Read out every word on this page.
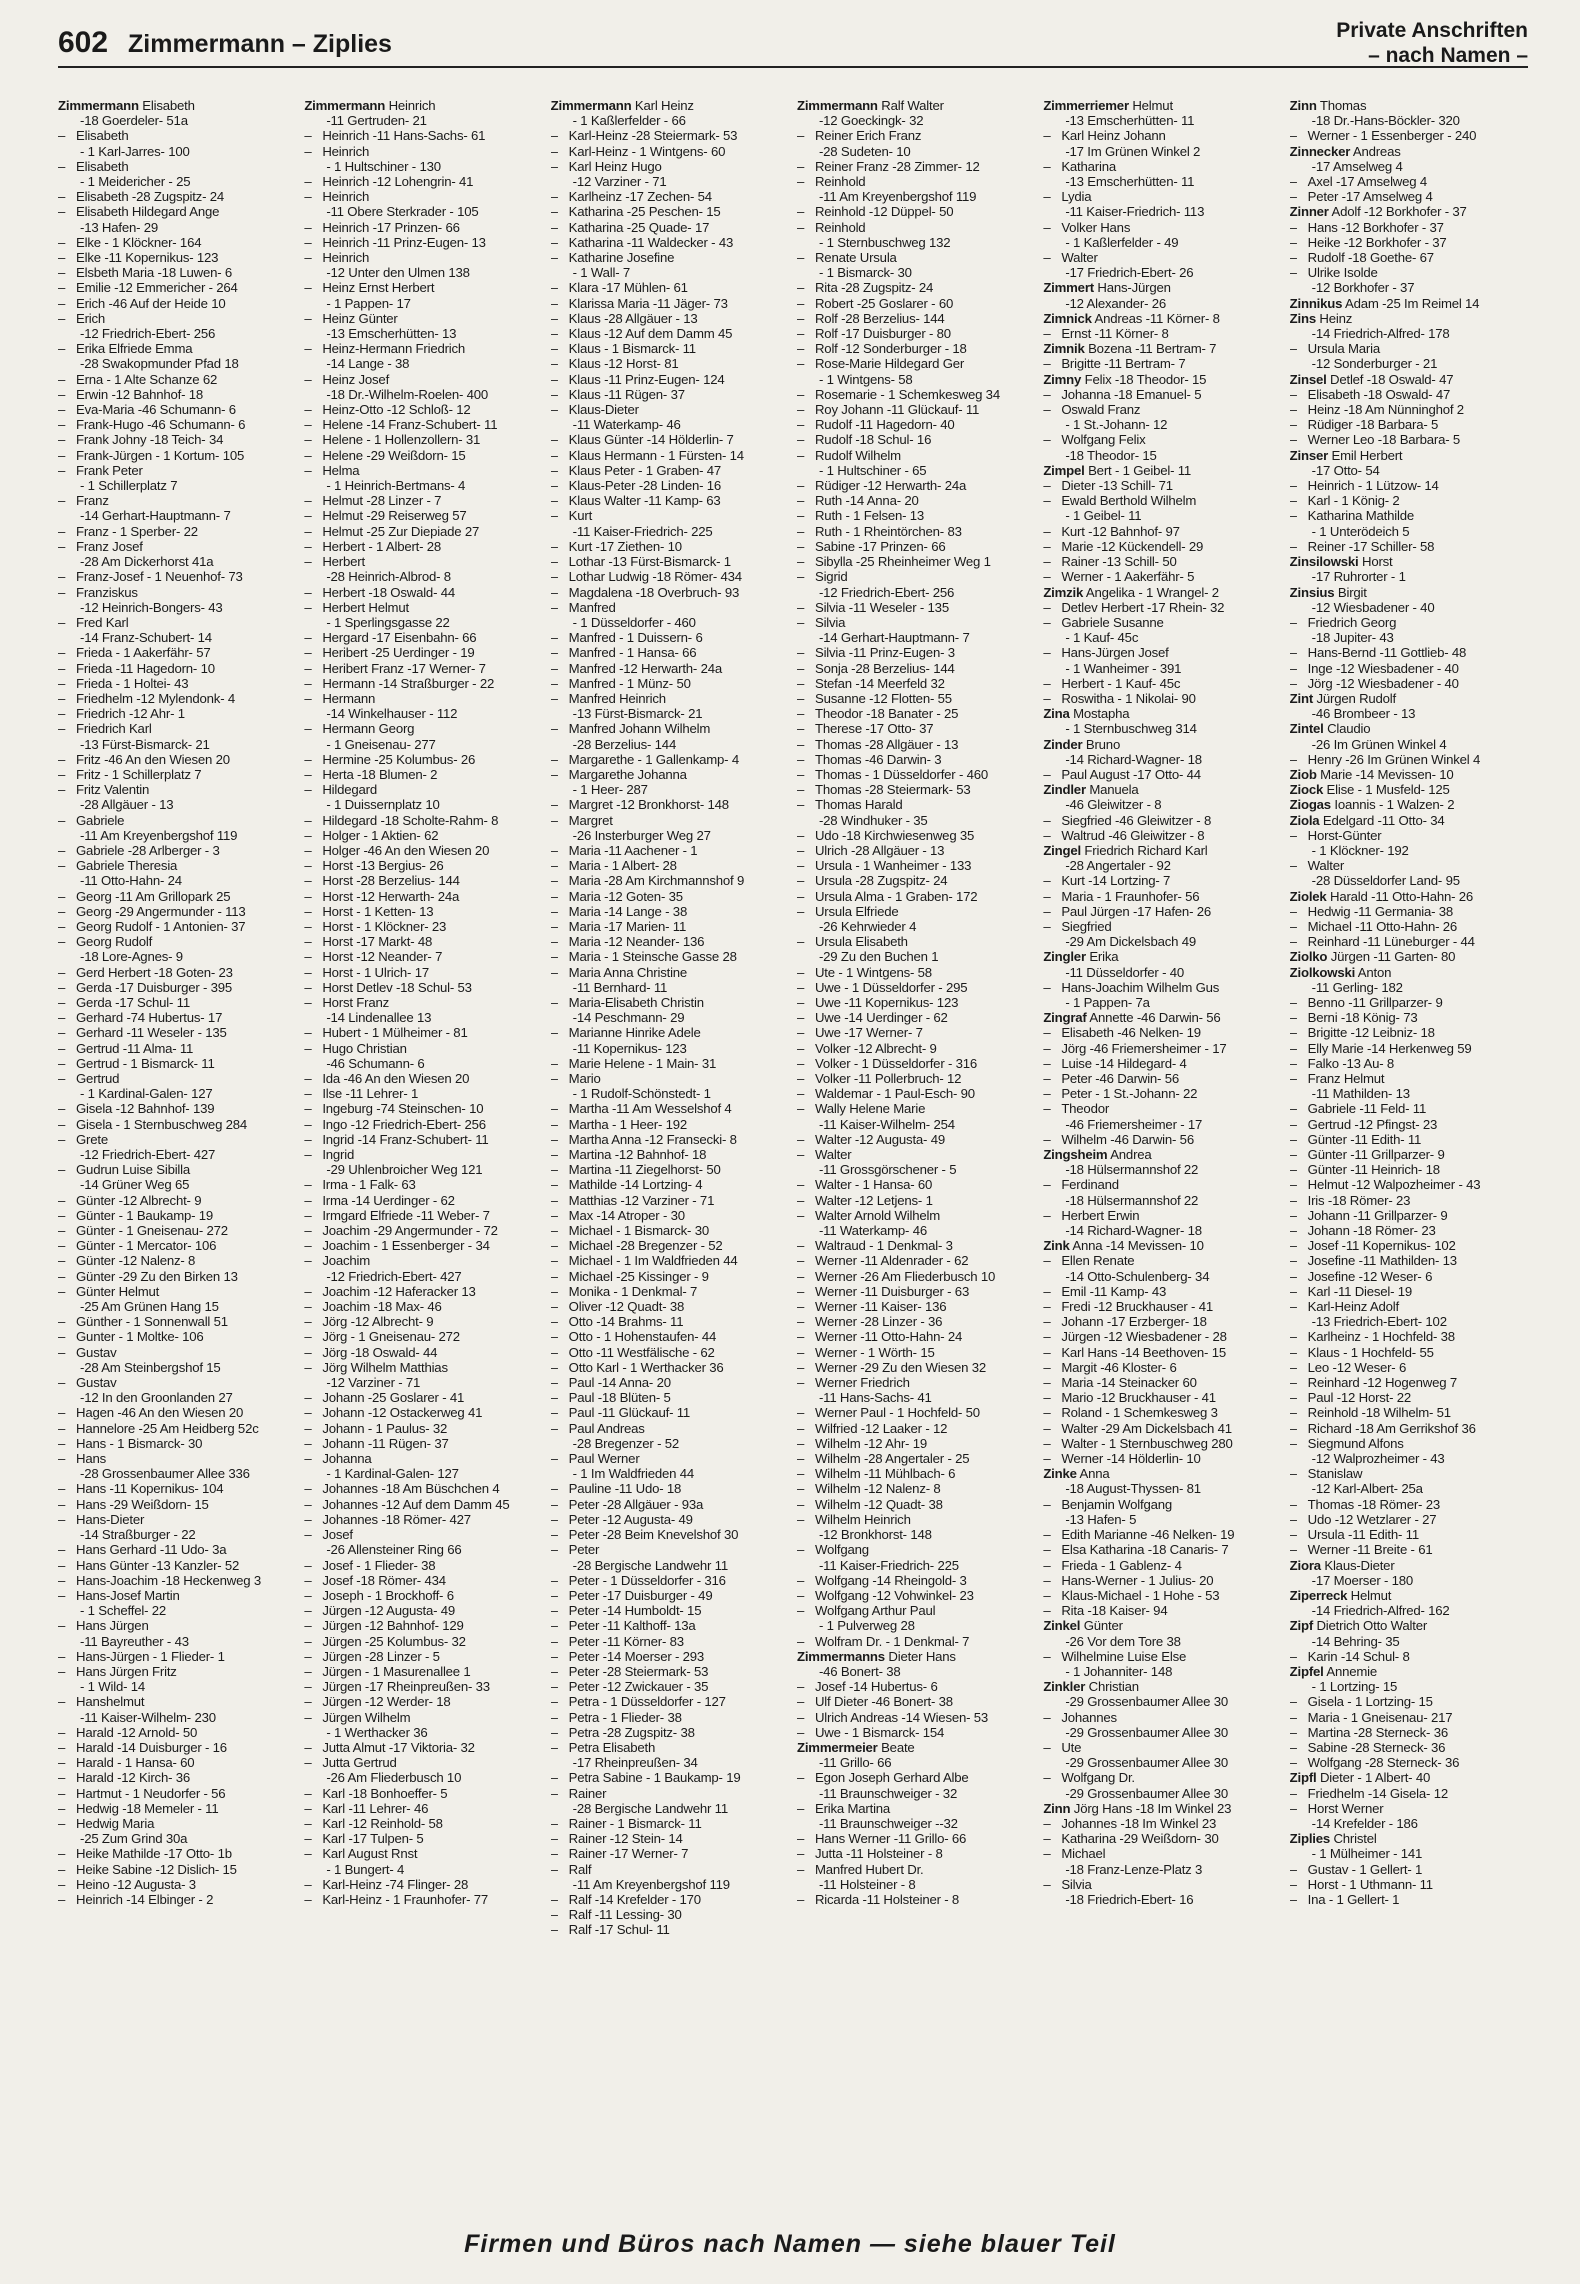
602 Zimmermann – Ziplies	Private Anschriften
– nach Namen –
Zimmermann Elisabeth
-18 Goerdeler- 51a
– Elisabeth
- 1 Karl-Jarres- 100
– Elisabeth
- 1 Meidericher - 25
– Elisabeth -28 Zugspitz- 24
– Elisabeth Hildegard Ange
-13 Hafen- 29
– Elke - 1 Klöckner- 164
– Elke -11 Kopernikus- 123
– Elsbeth Maria -18 Luwen- 6
– Emilie -12 Emmericher - 264
– Erich -46 Auf der Heide 10
– Erich
-12 Friedrich-Ebert- 256
– Erika Elfriede Emma
-28 Swakopmunder Pfad 18
– Erna - 1 Alte Schanze 62
– Erwin -12 Bahnhof- 18
– Eva-Maria -46 Schumann- 6
– Frank-Hugo -46 Schumann- 6
– Frank Johny -18 Teich- 34
– Frank-Jürgen - 1 Kortum- 105
– Frank Peter
- 1 Schillerplatz 7
– Franz
-14 Gerhart-Hauptmann- 7
– Franz - 1 Sperber- 22
– Franz Josef
-28 Am Dickerhorst 41a
– Franz-Josef - 1 Neuenhof- 73
– Franziskus
-12 Heinrich-Bongers- 43
– Fred Karl
-14 Franz-Schubert- 14
– Frieda - 1 Aakerfähr- 57
– Frieda -11 Hagedorn- 10
– Frieda - 1 Holtei- 43
– Friedhelm -12 Mylendonk- 4
– Friedrich -12 Ahr- 1
– Friedrich Karl
-13 Fürst-Bismarck- 21
– Fritz -46 An den Wiesen 20
– Fritz - 1 Schillerplatz 7
– Fritz Valentin
-28 Allgäuer - 13
– Gabriele
-11 Am Kreyenbergshof 119
– Gabriele -28 Arlberger - 3
– Gabriele Theresia
-11 Otto-Hahn- 24
– Georg -11 Am Grillopark 25
– Georg -29 Angermunder - 113
– Georg Rudolf - 1 Antonien- 37
– Georg Rudolf
-18 Lore-Agnes- 9
– Gerd Herbert -18 Goten- 23
– Gerda -17 Duisburger - 395
– Gerda -17 Schul- 11
– Gerhard -74 Hubertus- 17
– Gerhard -11 Weseler - 135
– Gertrud -11 Alma- 11
– Gertrud - 1 Bismarck- 11
– Gertrud
- 1 Kardinal-Galen- 127
– Gisela -12 Bahnhof- 139
– Gisela - 1 Sternbuschweg 284
– Grete
-12 Friedrich-Ebert- 427
– Gudrun Luise Sibilla
-14 Grüner Weg 65
– Günter -12 Albrecht- 9
– Günter - 1 Baukamp- 19
– Günter - 1 Gneisenau- 272
– Günter - 1 Mercator- 106
– Günter -12 Nalenz- 8
– Günter -29 Zu den Birken 13
– Günter Helmut
-25 Am Grünen Hang 15
– Günther - 1 Sonnenwall 51
– Gunter - 1 Moltke- 106
– Gustav
-28 Am Steinbergshof 15
– Gustav
-12 In den Groonlanden 27
– Hagen -46 An den Wiesen 20
– Hannelore -25 Am Heidberg 52c
– Hans - 1 Bismarck- 30
– Hans
-28 Grossenbaumer Allee 336
– Hans -11 Kopernikus- 104
– Hans -29 Weißdorn- 15
– Hans-Dieter
-14 Straßburger - 22
– Hans Gerhard -11 Udo- 3a
– Hans Günter -13 Kanzler- 52
– Hans-Joachim -18 Heckenweg 3
– Hans-Josef Martin
- 1 Scheffel- 22
– Hans Jürgen
-11 Bayreuther - 43
– Hans-Jürgen - 1 Flieder- 1
– Hans Jürgen Fritz
- 1 Wild- 14
– Hanshelmut
-11 Kaiser-Wilhelm- 230
– Harald -12 Arnold- 50
– Harald -14 Duisburger - 16
– Harald - 1 Hansa- 60
– Harald -12 Kirch- 36
– Hartmut - 1 Neudorfer - 56
– Hedwig -18 Memeler - 11
– Hedwig Maria
-25 Zum Grind 30a
– Heike Mathilde -17 Otto- 1b
– Heike Sabine -12 Dislich- 15
– Heino -12 Augusta- 3
– Heinrich -14 Elbinger - 2
Zimmermann Heinrich
-11 Gertruden- 21
– Heinrich -11 Hans-Sachs- 61
– Heinrich
- 1 Hultschiner - 130
– Heinrich -12 Lohengrin- 41
– Heinrich
-11 Obere Sterkrader - 105
– Heinrich -17 Prinzen- 66
– Heinrich -11 Prinz-Eugen- 13
– Heinrich
-12 Unter den Ulmen 138
– Heinz Ernst Herbert
- 1 Pappen- 17
– Heinz Günter
-13 Emscherhütten- 13
– Heinz-Hermann Friedrich
-14 Lange - 38
– Heinz Josef
-18 Dr.-Wilhelm-Roelen- 400
– Heinz-Otto -12 Schloß- 12
– Helene -14 Franz-Schubert- 11
– Helene - 1 Hollenzollern- 31
– Helene -29 Weißdorn- 15
– Helma
- 1 Heinrich-Bertmans- 4
– Helmut -28 Linzer - 7
– Helmut -29 Reiserweg 57
– Helmut -25 Zur Diepiade 27
– Herbert - 1 Albert- 28
– Herbert
-28 Heinrich-Albrod- 8
– Herbert -18 Oswald- 44
– Herbert Helmut
- 1 Sperlingsgasse 22
– Hergard -17 Eisenbahn- 66
– Heribert -25 Uerdinger - 19
– Heribert Franz -17 Werner- 7
– Hermann -14 Straßburger - 22
– Hermann
-14 Winkelhauser - 112
– Hermann Georg
- 1 Gneisenau- 277
– Hermine -25 Kolumbus- 26
– Herta -18 Blumen- 2
– Hildegard
- 1 Duissernplatz 10
– Hildegard -18 Scholte-Rahm- 8
– Holger - 1 Aktien- 62
– Holger -46 An den Wiesen 20
– Horst -13 Bergius- 26
– Horst -28 Berzelius- 144
– Horst -12 Herwarth- 24a
– Horst - 1 Ketten- 13
– Horst - 1 Klöckner- 23
– Horst -17 Markt- 48
– Horst -12 Neander- 7
– Horst - 1 Ulrich- 17
– Horst Detlev -18 Schul- 53
– Horst Franz
-14 Lindenallee 13
– Hubert - 1 Mülheimer - 81
– Hugo Christian
-46 Schumann- 6
– Ida -46 An den Wiesen 20
– Ilse -11 Lehrer- 1
– Ingeburg -74 Steinschen- 10
– Ingo -12 Friedrich-Ebert- 256
– Ingrid -14 Franz-Schubert- 11
– Ingrid
-29 Uhlenbroicher Weg 121
– Irma - 1 Falk- 63
– Irma -14 Uerdinger - 62
– Irmgard Elfriede -11 Weber- 7
– Joachim -29 Angermunder - 72
– Joachim - 1 Essenberger - 34
– Joachim
-12 Friedrich-Ebert- 427
– Joachim -12 Haferacker 13
– Joachim -18 Max- 46
– Jörg -12 Albrecht- 9
– Jörg - 1 Gneisenau- 272
– Jörg -18 Oswald- 44
– Jörg Wilhelm Matthias
-12 Varziner - 71
– Johann -25 Goslarer - 41
– Johann -12 Ostackerweg 41
– Johann - 1 Paulus- 32
– Johann -11 Rügen- 37
– Johanna
- 1 Kardinal-Galen- 127
– Johannes -18 Am Büschchen 4
– Johannes -12 Auf dem Damm 45
– Johannes -18 Römer- 427
– Josef
-26 Allensteiner Ring 66
– Josef - 1 Flieder- 38
– Josef -18 Römer- 434
– Joseph - 1 Brockhoff- 6
– Jürgen -12 Augusta- 49
– Jürgen -12 Bahnhof- 129
– Jürgen -25 Kolumbus- 32
– Jürgen -28 Linzer - 5
– Jürgen - 1 Masurenallee 1
– Jürgen -17 Rheinpreußen- 33
– Jürgen -12 Werder- 18
– Jürgen Wilhelm
- 1 Werthacker 36
– Jutta Almut -17 Viktoria- 32
– Jutta Gertrud
-26 Am Fliederbusch 10
– Karl -18 Bonhoeffer- 5
– Karl -11 Lehrer- 46
– Karl -12 Reinhold- 58
– Karl -17 Tulpen- 5
– Karl August Rnst
- 1 Bungert- 4
– Karl-Heinz -74 Flinger- 28
– Karl-Heinz - 1 Fraunhofer- 77
Zimmermann Karl Heinz
- 1 Kaßlerfelder - 66
– Karl-Heinz -28 Steiermark- 53
– Karl-Heinz - 1 Wintgens- 60
– Karl Heinz Hugo
-12 Varziner - 71
– Karlheinz -17 Zechen- 54
– Katharina -25 Peschen- 15
– Katharina -25 Quade- 17
– Katharina -11 Waldecker - 43
– Katharine Josefine
- 1 Wall- 7
– Klara -17 Mühlen- 61
– Klarissa Maria -11 Jäger- 73
– Klaus -28 Allgäuer - 13
– Klaus -12 Auf dem Damm 45
– Klaus - 1 Bismarck- 11
– Klaus -12 Horst- 81
– Klaus -11 Prinz-Eugen- 124
– Klaus -11 Rügen- 37
– Klaus-Dieter
-11 Waterkamp- 46
– Klaus Günter -14 Hölderlin- 7
– Klaus Hermann - 1 Fürsten- 14
– Klaus Peter - 1 Graben- 47
– Klaus-Peter -28 Linden- 16
– Klaus Walter -11 Kamp- 63
– Kurt
-11 Kaiser-Friedrich- 225
– Kurt -17 Ziethen- 10
– Lothar -13 Fürst-Bismarck- 1
– Lothar Ludwig -18 Römer- 434
– Magdalena -18 Overbruch- 93
– Manfred
- 1 Düsseldorfer - 460
– Manfred - 1 Duissern- 6
– Manfred - 1 Hansa- 66
– Manfred -12 Herwarth- 24a
– Manfred - 1 Münz- 50
– Manfred Heinrich
-13 Fürst-Bismarck- 21
– Manfred Johann Wilhelm
-28 Berzelius- 144
– Margarethe - 1 Gallenkamp- 4
– Margarethe Johanna
- 1 Heer- 287
– Margret -12 Bronkhorst- 148
– Margret
-26 Insterburger Weg 27
– Maria -11 Aachener - 1
– Maria - 1 Albert- 28
– Maria -28 Am Kirchmannshof 9
– Maria -12 Goten- 35
– Maria -14 Lange - 38
– Maria -17 Marien- 11
– Maria -12 Neander- 136
– Maria - 1 Steinsche Gasse 28
– Maria Anna Christine
-11 Bernhard- 11
– Maria-Elisabeth Christin
-14 Peschmann- 29
– Marianne Hinrike Adele
-11 Kopernikus- 123
– Marie Helene - 1 Main- 31
– Mario
- 1 Rudolf-Schönstedt- 1
– Martha -11 Am Wesselshof 4
– Martha - 1 Heer- 192
– Martha Anna -12 Fransecki- 8
– Martina -12 Bahnhof- 18
– Martina -11 Ziegelhorst- 50
– Mathilde -14 Lortzing- 4
– Matthias -12 Varziner - 71
– Max -14 Atroper - 30
– Michael - 1 Bismarck- 30
– Michael -28 Bregenzer - 52
– Michael - 1 Im Waldfrieden 44
– Michael -25 Kissinger - 9
– Monika - 1 Denkmal- 7
– Oliver -12 Quadt- 38
– Otto -14 Brahms- 11
– Otto - 1 Hohenstaufen- 44
– Otto -11 Westfälische - 62
– Otto Karl - 1 Werthacker 36
– Paul -14 Anna- 20
– Paul -18 Blüten- 5
– Paul -11 Glückauf- 11
– Paul Andreas
-28 Bregenzer - 52
– Paul Werner
- 1 Im Waldfrieden 44
– Pauline -11 Udo- 18
– Peter -28 Allgäuer - 93a
– Peter -12 Augusta- 49
– Peter -28 Beim Knevelshof 30
– Peter
-28 Bergische Landwehr 11
– Peter - 1 Düsseldorfer - 316
– Peter -17 Duisburger - 49
– Peter -14 Humboldt- 15
– Peter -11 Kalthoff- 13a
– Peter -11 Körner- 83
– Peter -14 Moerser - 293
– Peter -28 Steiermark- 53
– Peter -12 Zwickauer - 35
– Petra - 1 Düsseldorfer - 127
– Petra - 1 Flieder- 38
– Petra -28 Zugspitz- 38
– Petra Elisabeth
-17 Rheinpreußen- 34
– Petra Sabine - 1 Baukamp- 19
– Rainer
-28 Bergische Landwehr 11
– Rainer - 1 Bismarck- 11
– Rainer -12 Stein- 14
– Rainer -17 Werner- 7
– Ralf
-11 Am Kreyenbergshof 119
– Ralf -14 Krefelder - 170
– Ralf -11 Lessing- 30
– Ralf -17 Schul- 11
Zimmermann Ralf Walter
-12 Goeckingk- 32
– Reiner Erich Franz
-28 Sudeten- 10
– Reiner Franz -28 Zimmer- 12
– Reinhold
-11 Am Kreyenbergshof 119
– Reinhold -12 Düppel- 50
– Reinhold
- 1 Sternbuschweg 132
– Renate Ursula
- 1 Bismarck- 30
– Rita -28 Zugspitz- 24
– Robert -25 Goslarer - 60
– Rolf -28 Berzelius- 144
– Rolf -17 Duisburger - 80
– Rolf -12 Sonderburger - 18
– Rose-Marie Hildegard Ger
- 1 Wintgens- 58
– Rosemarie - 1 Schemkesweg 34
– Roy Johann -11 Glückauf- 11
– Rudolf -11 Hagedorn- 40
– Rudolf -18 Schul- 16
– Rudolf Wilhelm
- 1 Hultschiner - 65
– Rüdiger -12 Herwarth- 24a
– Ruth -14 Anna- 20
– Ruth - 1 Felsen- 13
– Ruth - 1 Rheintörchen- 83
– Sabine -17 Prinzen- 66
– Sibylla -25 Rheinheimer Weg 1
– Sigrid
-12 Friedrich-Ebert- 256
– Silvia -11 Weseler - 135
– Silvia
-14 Gerhart-Hauptmann- 7
– Silvia -11 Prinz-Eugen- 3
– Sonja -28 Berzelius- 144
– Stefan -14 Meerfeld 32
– Susanne -12 Flotten- 55
– Theodor -18 Banater - 25
– Therese -17 Otto- 37
– Thomas -28 Allgäuer - 13
– Thomas -46 Darwin- 3
– Thomas - 1 Düsseldorfer - 460
– Thomas -28 Steiermark- 53
– Thomas Harald
-28 Windhuker - 35
– Udo -18 Kirchwiesenweg 35
– Ulrich -28 Allgäuer - 13
– Ursula - 1 Wanheimer - 133
– Ursula -28 Zugspitz- 24
– Ursula Alma - 1 Graben- 172
– Ursula Elfriede
-26 Kehrwieder 4
– Ursula Elisabeth
-29 Zu den Buchen 1
– Ute - 1 Wintgens- 58
– Uwe - 1 Düsseldorfer - 295
– Uwe -11 Kopernikus- 123
– Uwe -14 Uerdinger - 62
– Uwe -17 Werner- 7
– Volker -12 Albrecht- 9
– Volker - 1 Düsseldorfer - 316
– Volker -11 Pollerbruch- 12
– Waldemar - 1 Paul-Esch- 90
– Wally Helene Marie
-11 Kaiser-Wilhelm- 254
– Walter -12 Augusta- 49
– Walter
-11 Grossgörschener - 5
– Walter - 1 Hansa- 60
– Walter -12 Letjens- 1
– Walter Arnold Wilhelm
-11 Waterkamp- 46
– Waltraud - 1 Denkmal- 3
– Werner -11 Aldenrader - 62
– Werner -26 Am Fliederbusch 10
– Werner -11 Duisburger - 63
– Werner -11 Kaiser- 136
– Werner -28 Linzer - 36
– Werner -11 Otto-Hahn- 24
– Werner - 1 Wörth- 15
– Werner -29 Zu den Wiesen 32
– Werner Friedrich
-11 Hans-Sachs- 41
– Werner Paul - 1 Hochfeld- 50
– Wilfried -12 Laaker - 12
– Wilhelm -12 Ahr- 19
– Wilhelm -28 Angertaler - 25
– Wilhelm -11 Mühlbach- 6
– Wilhelm -12 Nalenz- 8
– Wilhelm -12 Quadt- 38
– Wilhelm Heinrich
-12 Bronkhorst- 148
– Wolfgang
-11 Kaiser-Friedrich- 225
– Wolfgang -14 Rheingold- 3
– Wolfgang -12 Vohwinkel- 23
– Wolfgang Arthur Paul
- 1 Pulverweg 28
– Wolfram Dr. - 1 Denkmal- 7
Zimmermanns Dieter Hans
-46 Bonert- 38
– Josef -14 Hubertus- 6
– Ulf Dieter -46 Bonert- 38
– Ulrich Andreas -14 Wiesen- 53
– Uwe - 1 Bismarck- 154
Zimmermeier Beate
-11 Grillo- 66
– Egon Joseph Gerhard Albe
-11 Braunschweiger - 32
– Erika Martina
-11 Braunschweiger --32
– Hans Werner -11 Grillo- 66
– Jutta -11 Holsteiner - 8
– Manfred Hubert Dr.
-11 Holsteiner - 8
– Ricarda -11 Holsteiner - 8
Zimmerriemer Helmut
-13 Emscherhütten- 11
– Karl Heinz Johann
-17 Im Grünen Winkel 2
– Katharina
-13 Emscherhütten- 11
– Lydia
-11 Kaiser-Friedrich- 113
– Volker Hans
- 1 Kaßlerfelder - 49
– Walter
-17 Friedrich-Ebert- 26
Zimmert Hans-Jürgen
-12 Alexander- 26
Zimnick Andreas -11 Körner- 8
– Ernst -11 Körner- 8
Zimnik Bozena -11 Bertram- 7
– Brigitte -11 Bertram- 7
Zimny Felix -18 Theodor- 15
– Johanna -18 Emanuel- 5
– Oswald Franz
- 1 St.-Johann- 12
– Wolfgang Felix
-18 Theodor- 15
Zimpel Bert - 1 Geibel- 11
– Dieter -13 Schill- 71
– Ewald Berthold Wilhelm
- 1 Geibel- 11
– Kurt -12 Bahnhof- 97
– Marie -12 Kückendell- 29
– Rainer -13 Schill- 50
– Werner - 1 Aakerfähr- 5
Zimzik Angelika - 1 Wrangel- 2
– Detlev Herbert -17 Rhein- 32
– Gabriele Susanne
- 1 Kauf- 45c
– Hans-Jürgen Josef
- 1 Wanheimer - 391
– Herbert - 1 Kauf- 45c
– Roswitha - 1 Nikolai- 90
Zina Mostapha
- 1 Sternbuschweg 314
Zinder Bruno
-14 Richard-Wagner- 18
– Paul August -17 Otto- 44
Zindler Manuela
-46 Gleiwitzer - 8
– Siegfried -46 Gleiwitzer - 8
– Waltrud -46 Gleiwitzer - 8
Zingel Friedrich Richard Karl
-28 Angertaler - 92
– Kurt -14 Lortzing- 7
– Maria - 1 Fraunhofer- 56
– Paul Jürgen -17 Hafen- 26
– Siegfried
-29 Am Dickelsbach 49
Zingler Erika
-11 Düsseldorfer - 40
– Hans-Joachim Wilhelm Gus
- 1 Pappen- 7a
Zingraf Annette -46 Darwin- 56
– Elisabeth -46 Nelken- 19
– Jörg -46 Friemersheimer - 17
– Luise -14 Hildegard- 4
– Peter -46 Darwin- 56
– Peter - 1 St.-Johann- 22
– Theodor
-46 Friemersheimer - 17
– Wilhelm -46 Darwin- 56
Zingsheim Andrea
-18 Hülsermannshof 22
– Ferdinand
-18 Hülsermannshof 22
– Herbert Erwin
-14 Richard-Wagner- 18
Zink Anna -14 Mevissen- 10
– Ellen Renate
-14 Otto-Schulenberg- 34
– Emil -11 Kamp- 43
– Fredi -12 Bruckhauser - 41
– Johann -17 Erzberger- 18
– Jürgen -12 Wiesbadener - 28
– Karl Hans -14 Beethoven- 15
– Margit -46 Kloster- 6
– Maria -14 Steinacker 60
– Mario -12 Bruckhauser - 41
– Roland - 1 Schemkesweg 3
– Walter -29 Am Dickelsbach 41
– Walter - 1 Sternbuschweg 280
– Werner -14 Hölderlin- 10
Zinke Anna
-18 August-Thyssen- 81
– Benjamin Wolfgang
-13 Hafen- 5
– Edith Marianne -46 Nelken- 19
– Elsa Katharina -18 Canaris- 7
– Frieda - 1 Gablenz- 4
– Hans-Werner - 1 Julius- 20
– Klaus-Michael - 1 Hohe - 53
– Rita -18 Kaiser- 94
Zinkel Günter
-26 Vor dem Tore 38
– Wilhelmine Luise Else
- 1 Johanniter- 148
Zinkler Christian
-29 Grossenbaumer Allee 30
– Johannes
-29 Grossenbaumer Allee 30
– Ute
-29 Grossenbaumer Allee 30
– Wolfgang Dr.
-29 Grossenbaumer Allee 30
Zinn Jörg Hans -18 Im Winkel 23
– Johannes -18 Im Winkel 23
– Katharina -29 Weißdorn- 30
– Michael
-18 Franz-Lenze-Platz 3
– Silvia
-18 Friedrich-Ebert- 16
Zinn Thomas
-18 Dr.-Hans-Böckler- 320
– Werner - 1 Essenberger - 240
Zinnecker Andreas
-17 Amselweg 4
– Axel -17 Amselweg 4
– Peter -17 Amselweg 4
Zinner Adolf -12 Borkhofer - 37
– Hans -12 Borkhofer - 37
– Heike -12 Borkhofer - 37
– Rudolf -18 Goethe- 67
– Ulrike Isolde
-12 Borkhofer - 37
Zinnikus Adam -25 Im Reimel 14
Zins Heinz
-14 Friedrich-Alfred- 178
– Ursula Maria
-12 Sonderburger - 21
Zinsel Detlef -18 Oswald- 47
– Elisabeth -18 Oswald- 47
– Heinz -18 Am Nünninghof 2
– Rüdiger -18 Barbara- 5
– Werner Leo -18 Barbara- 5
Zinser Emil Herbert
-17 Otto- 54
– Heinrich - 1 Lützow- 14
– Karl - 1 König- 2
– Katharina Mathilde
- 1 Unterödeich 5
– Reiner -17 Schiller- 58
Zinsilowski Horst
-17 Ruhrorter - 1
Zinsius Birgit
-12 Wiesbadener - 40
– Friedrich Georg
-18 Jupiter- 43
– Hans-Bernd -11 Gottlieb- 48
– Inge -12 Wiesbadener - 40
– Jörg -12 Wiesbadener - 40
Zint Jürgen Rudolf
-46 Brombeer - 13
Zintel Claudio
-26 Im Grünen Winkel 4
– Henry -26 Im Grünen Winkel 4
Ziob Marie -14 Mevissen- 10
Ziock Elise - 1 Musfeld- 125
Ziogas Ioannis - 1 Walzen- 2
Ziola Edelgard -11 Otto- 34
– Horst-Günter
- 1 Klöckner- 192
– Walter
-28 Düsseldorfer Land- 95
Ziolek Harald -11 Otto-Hahn- 26
– Hedwig -11 Germania- 38
– Michael -11 Otto-Hahn- 26
– Reinhard -11 Lüneburger - 44
Ziolko Jürgen -11 Garten- 80
Ziolkowski Anton
-11 Gerling- 182
– Benno -11 Grillparzer- 9
– Berni -18 König- 73
– Brigitte -12 Leibniz- 18
– Elly Marie -14 Herkenweg 59
– Falko -13 Au- 8
– Franz Helmut
-11 Mathilden- 13
– Gabriele -11 Feld- 11
– Gertrud -12 Pfingst- 23
– Günter -11 Edith- 11
– Günter -11 Grillparzer- 9
– Günter -11 Heinrich- 18
– Helmut -12 Walpozheimer - 43
– Iris -18 Römer- 23
– Johann -11 Grillparzer- 9
– Johann -18 Römer- 23
– Josef -11 Kopernikus- 102
– Josefine -11 Mathilden- 13
– Josefine -12 Weser- 6
– Karl -11 Diesel- 19
– Karl-Heinz Adolf
-13 Friedrich-Ebert- 102
– Karlheinz - 1 Hochfeld- 38
– Klaus - 1 Hochfeld- 55
– Leo -12 Weser- 6
– Reinhard -12 Hogenweg 7
– Paul -12 Horst- 22
– Reinhold -18 Wilhelm- 51
– Richard -18 Am Gerrikshof 36
– Siegmund Alfons
-12 Walprozheimer - 43
– Stanislaw
-12 Karl-Albert- 25a
– Thomas -18 Römer- 23
– Udo -12 Wetzlarer - 27
– Ursula -11 Edith- 11
– Werner -11 Breite - 61
Ziora Klaus-Dieter
-17 Moerser - 180
Ziperreck Helmut
-14 Friedrich-Alfred- 162
Zipf Dietrich Otto Walter
-14 Behring- 35
– Karin -14 Schul- 8
Zipfel Annemie
- 1 Lortzing- 15
– Gisela - 1 Lortzing- 15
– Maria - 1 Gneisenau- 217
– Martina -28 Sterneck- 36
– Sabine -28 Sterneck- 36
– Wolfgang -28 Sterneck- 36
Zipfl Dieter - 1 Albert- 40
– Friedhelm -14 Gisela- 12
– Horst Werner
-14 Krefelder - 186
Ziplies Christel
- 1 Mülheimer - 141
– Gustav - 1 Gellert- 1
– Horst - 1 Uthmann- 11
– Ina - 1 Gellert- 1
Firmen und Büros nach Namen — siehe blauer Teil
